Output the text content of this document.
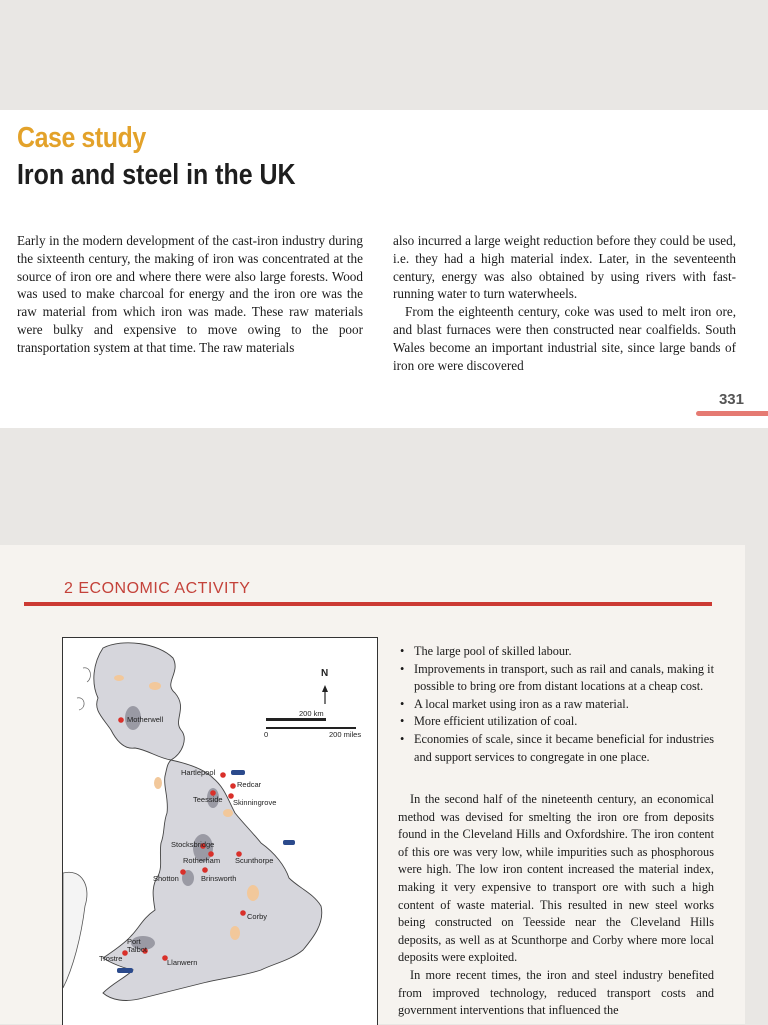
Case study
Iron and steel in the UK

Early in the modern development of the cast-iron industry during the sixteenth century, the making of iron was concentrated at the source of iron ore and where there were also large forests. Wood was used to make charcoal for energy and the iron ore was the raw material from which iron was made. These raw materials were bulky and expensive to move owing to the poor transportation system at that time. The raw materials

also incurred a large weight reduction before they could be used, i.e. they had a high material index. Later, in the seventeenth century, energy was also obtained by using rivers with fast-running water to turn waterwheels.

From the eighteenth century, coke was used to melt iron ore, and blast furnaces were then constructed near coalfields. South Wales become an important industrial site, since large bands of iron ore were discovered

331
2 ECONOMIC ACTIVITY
N
200 km
200 miles
0
Motherwell
Hartlepool
Redcar
Teesside Skinningrove
Stocksbridge
Rotherham Scunthorpe
Shotton	Brinsworth
Corby
Port Talbot
Trostre	Llanwern
• The large pool of skilled labour.
• Improvements in transport, such as rail and canals, making it possible to bring ore from distant locations at a cheap cost.
• A local market using iron as a raw material.
• More efficient utilization of coal.
• Economies of scale, since it became beneficial for industries and support services to congregate in one place.

In the second half of the nineteenth century, an economical method was devised for smelting the iron ore from deposits found in the Cleveland Hills and Oxfordshire. The iron content of this ore was very low, while impurities such as phosphorous were high. The low iron content increased the material index, making it very expensive to transport ore with such a high content of waste material. This resulted in new steel works being constructed on Teesside near the Cleveland Hills deposits, as well as at Scunthorpe and Corby where more local deposits were exploited.

In more recent times, the iron and steel industry benefited from improved technology, reduced transport costs and government interventions that influenced the
